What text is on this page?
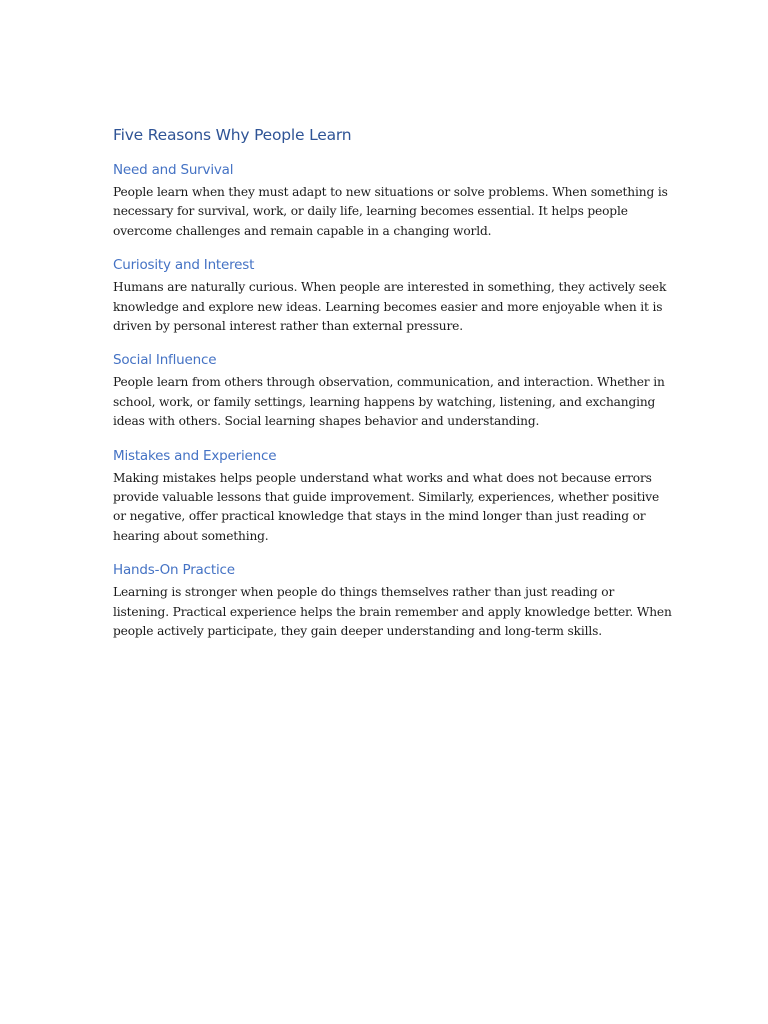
Five Reasons Why People Learn
Need and Survival

People learn when they must adapt to new situations or solve problems. When something is necessary for survival, work, or daily life, learning becomes essential. It helps people overcome challenges and remain capable in a changing world.

Curiosity and Interest

Humans are naturally curious. When people are interested in something, they actively seek knowledge and explore new ideas. Learning becomes easier and more enjoyable when it is driven by personal interest rather than external pressure.

Social Influence

People learn from others through observation, communication, and interaction. Whether in school, work, or family settings, learning happens by watching, listening, and exchanging ideas with others. Social learning shapes behavior and understanding.

Mistakes and Experience

Making mistakes helps people understand what works and what does not because errors provide valuable lessons that guide improvement. Similarly, experiences, whether positive or negative, offer practical knowledge that stays in the mind longer than just reading or hearing about something.

Hands-On Practice

Learning is stronger when people do things themselves rather than just reading or listening. Practical experience helps the brain remember and apply knowledge better. When people actively participate, they gain deeper understanding and long-term skills.
